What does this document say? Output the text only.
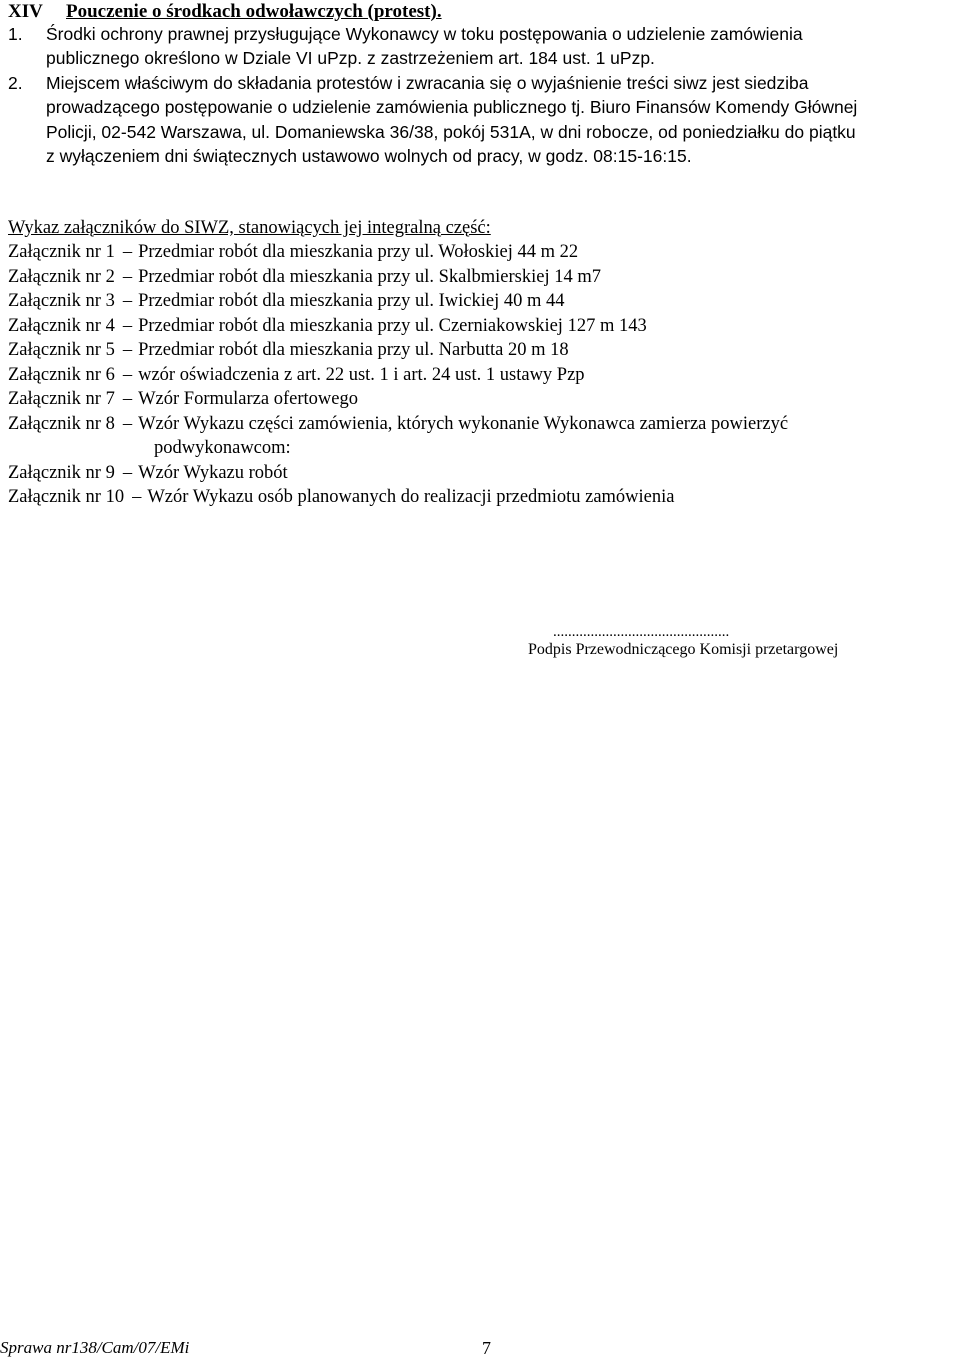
XIV Pouczenie o środkach odwoławczych (protest).
1. Środki ochrony prawnej przysługujące Wykonawcy w toku postępowania o udzielenie zamówienia
publicznego określono w Dziale VI uPzp. z zastrzeżeniem art. 184 ust. 1 uPzp.
2. Miejscem właściwym do składania protestów i zwracania się o wyjaśnienie treści siwz jest siedziba
prowadzącego postępowanie o udzielenie zamówienia publicznego tj. Biuro Finansów Komendy Głównej
Policji, 02-542 Warszawa, ul. Domaniewska 36/38, pokój 531A, w dni robocze, od poniedziałku do piątku
z wyłączeniem dni świątecznych ustawowo wolnych od pracy, w godz. 08:15-16:15.
Wykaz załączników do SIWZ, stanowiących jej integralną część:
Załącznik nr 1 – Przedmiar robót dla mieszkania przy ul. Wołoskiej 44 m 22
Załącznik nr 2 – Przedmiar robót dla mieszkania przy ul. Skalbmierskiej 14 m7
Załącznik nr 3 – Przedmiar robót dla mieszkania przy ul. Iwickiej 40 m 44
Załącznik nr 4 – Przedmiar robót dla mieszkania przy ul. Czerniakowskiej 127 m 143
Załącznik nr 5 – Przedmiar robót dla mieszkania przy ul. Narbutta 20 m 18
Załącznik nr 6 – wzór oświadczenia z art. 22 ust. 1 i art. 24 ust. 1 ustawy Pzp
Załącznik nr 7 – Wzór Formularza ofertowego
Załącznik nr 8 – Wzór Wykazu części zamówienia, których wykonanie Wykonawca zamierza powierzyć
podwykonawcom:
Załącznik nr 9 – Wzór Wykazu robót
Załącznik nr 10 – Wzór Wykazu osób planowanych do realizacji przedmiotu zamówienia
...............................................
Podpis Przewodniczącego Komisji przetargowej
Sprawa nr138/Cam/07/EMi	7
